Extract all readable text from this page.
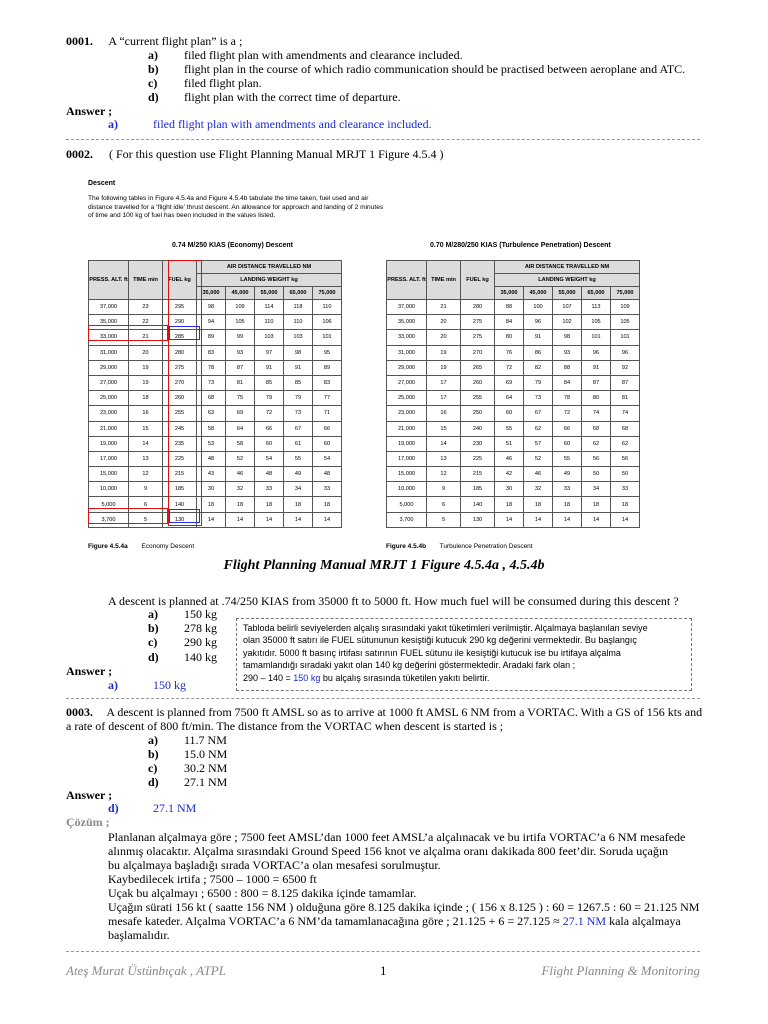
0001. A “current flight plan” is a ;
a) filed flight plan with amendments and clearance included.
b) flight plan in the course of which radio communication should be practised between aeroplane and ATC.
c) filed flight plan.
d) flight plan with the correct time of departure.
Answer ;
a)	filed flight plan with amendments and clearance included.
0002. ( For this question use Flight Planning Manual MRJT 1 Figure 4.5.4 )
Descent
The following tables in Figure 4.5.4a and Figure 4.5.4b tabulate the time taken, fuel used and air distance travelled for a ‘flight idle’ thrust descent. An allowance for approach and landing of 2 minutes of time and 100 kg of fuel has been included in the values listed.
0.74 M/250 KIAS (Economy) Descent	0.70 M/280/250 KIAS (Turbulence Penetration) Descent
PRESS. ALT. ft	TIME min	FUEL kg	AIR DISTANCE TRAVELLED NM				
			LANDING WEIGHT kg				
			35,000	45,000	55,000	65,000	75,000
37,000	23	295	98	109	114	118	110
35,000	22	290	94	105	110	110	106
33,000	21	285	89	99	103	103	101
31,000	20	280	83	93	97	98	95
29,000	19	275	78	87	91	91	89
27,000	19	270	73	81	85	85	83
25,000	18	260	68	75	79	79	77
23,000	16	255	63	69	72	73	71
21,000	15	245	58	64	66	67	66
19,000	14	235	53	58	60	61	60
17,000	13	225	48	52	54	55	54
15,000	12	215	43	46	48	49	48
10,000	9	185	30	32	33	34	33
5,000	6	140	18	18	18	18	18
3,700	5	130	14	14	14	14	14
PRESS. ALT. ft	TIME min	FUEL kg	AIR DISTANCE TRAVELLED NM				
			LANDING WEIGHT kg				
			35,000	45,000	55,000	65,000	75,000
37,000	21	280	88	100	107	113	109
35,000	20	275	84	96	102	105	105
33,000	20	275	80	91	98	101	101
31,000	19	270	76	86	93	96	96
29,000	19	265	72	82	88	91	92
27,000	17	260	69	79	84	87	87
25,000	17	255	64	73	78	80	81
23,000	16	250	60	67	72	74	74
21,000	15	240	55	62	66	68	68
19,000	14	230	51	57	60	62	62
17,000	13	225	46	52	55	56	56
15,000	12	215	42	46	49	50	50
10,000	9	185	30	32	33	34	33
5,000	6	140	18	18	18	18	18
3,700	5	130	14	14	14	14	14
Figure 4.5.4a Economy Descent	Figure 4.5.4b Turbulence Penetration Descent
Flight Planning Manual MRJT 1 Figure 4.5.4a , 4.5.4b
A descent is planned at .74/250 KIAS from 35000 ft to 5000 ft. How much fuel will be consumed during this descent ?
a) 150 kg
b) 278 kg
c) 290 kg
d) 140 kg
Tabloda belirli seviyelerden alçalış sırasındaki yakıt tüketimleri verilmiştir. Alçalmaya başlanılan seviye
olan 35000 ft satırı ile FUEL sütununun kesiştiği kutucuk 290 kg değerini vermektedir. Bu başlangıç
yakıtıdır. 5000 ft basınç irtifası satırının FUEL sütunu ile kesiştiği kutucuk ise bu irtifaya alçalma
tamamlandığı sıradaki yakıt olan 140 kg değerini göstermektedir. Aradaki fark olan ;
290 – 140 = 150 kg bu alçalış sırasında tüketilen yakıtı belirtir.
Answer ;
a)	150 kg
0003. A descent is planned from 7500 ft AMSL so as to arrive at 1000 ft AMSL 6 NM from a VORTAC. With a GS of 156 kts and
a rate of descent of 800 ft/min. The distance from the VORTAC when descent is started is ;
a) 11.7 NM
b) 15.0 NM
c) 30.2 NM
d) 27.1 NM
Answer ;
d)	27.1 NM
Çözüm ;
Planlanan alçalmaya göre ; 7500 feet AMSL’dan 1000 feet AMSL’a alçalınacak ve bu irtifa VORTAC’a 6 NM mesafede
alınmış olacaktır. Alçalma sırasındaki Ground Speed 156 knot ve alçalma oranı dakikada 800 feet’dir. Soruda uçağın
bu alçalmaya başladığı sırada VORTAC’a olan mesafesi sorulmuştur.
Kaybedilecek irtifa ; 7500 – 1000 = 6500 ft
Uçak bu alçalmayı ; 6500 : 800 = 8.125 dakika içinde tamamlar.
Uçağın sürati 156 kt ( saatte 156 NM ) olduğuna göre 8.125 dakika içinde ; ( 156 x 8.125 ) : 60 = 1267.5 : 60 = 21.125 NM
mesafe kateder. Alçalma VORTAC’a 6 NM’da tamamlanacağına göre ; 21.125 + 6 = 27.125 ≈ 27.1 NM kala alçalmaya
başlamalıdır.
Ateş Murat Üstünbıçak , ATPL	1	Flight Planning & Monitoring
